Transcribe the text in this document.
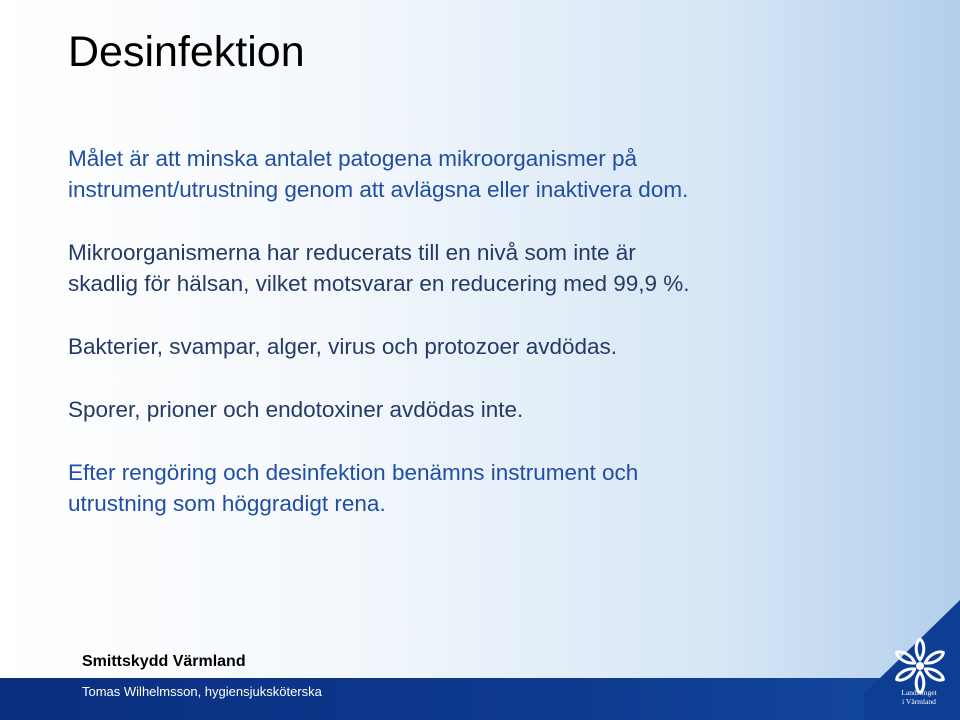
Desinfektion

Målet är att minska antalet patogena mikroorganismer på
instrument/utrustning genom att avlägsna eller inaktivera dom.

Mikroorganismerna har reducerats till en nivå som inte är
skadlig för hälsan, vilket motsvarar en reducering med 99,9 %.

Bakterier, svampar, alger, virus och protozoer avdödas.

Sporer, prioner och endotoxiner avdödas inte.

Efter rengöring och desinfektion benämns instrument och
utrustning som höggradigt rena.

Smittskydd Värmland
Tomas Wilhelmsson, hygiensjuksköterska	Landstinget
i Värmland
